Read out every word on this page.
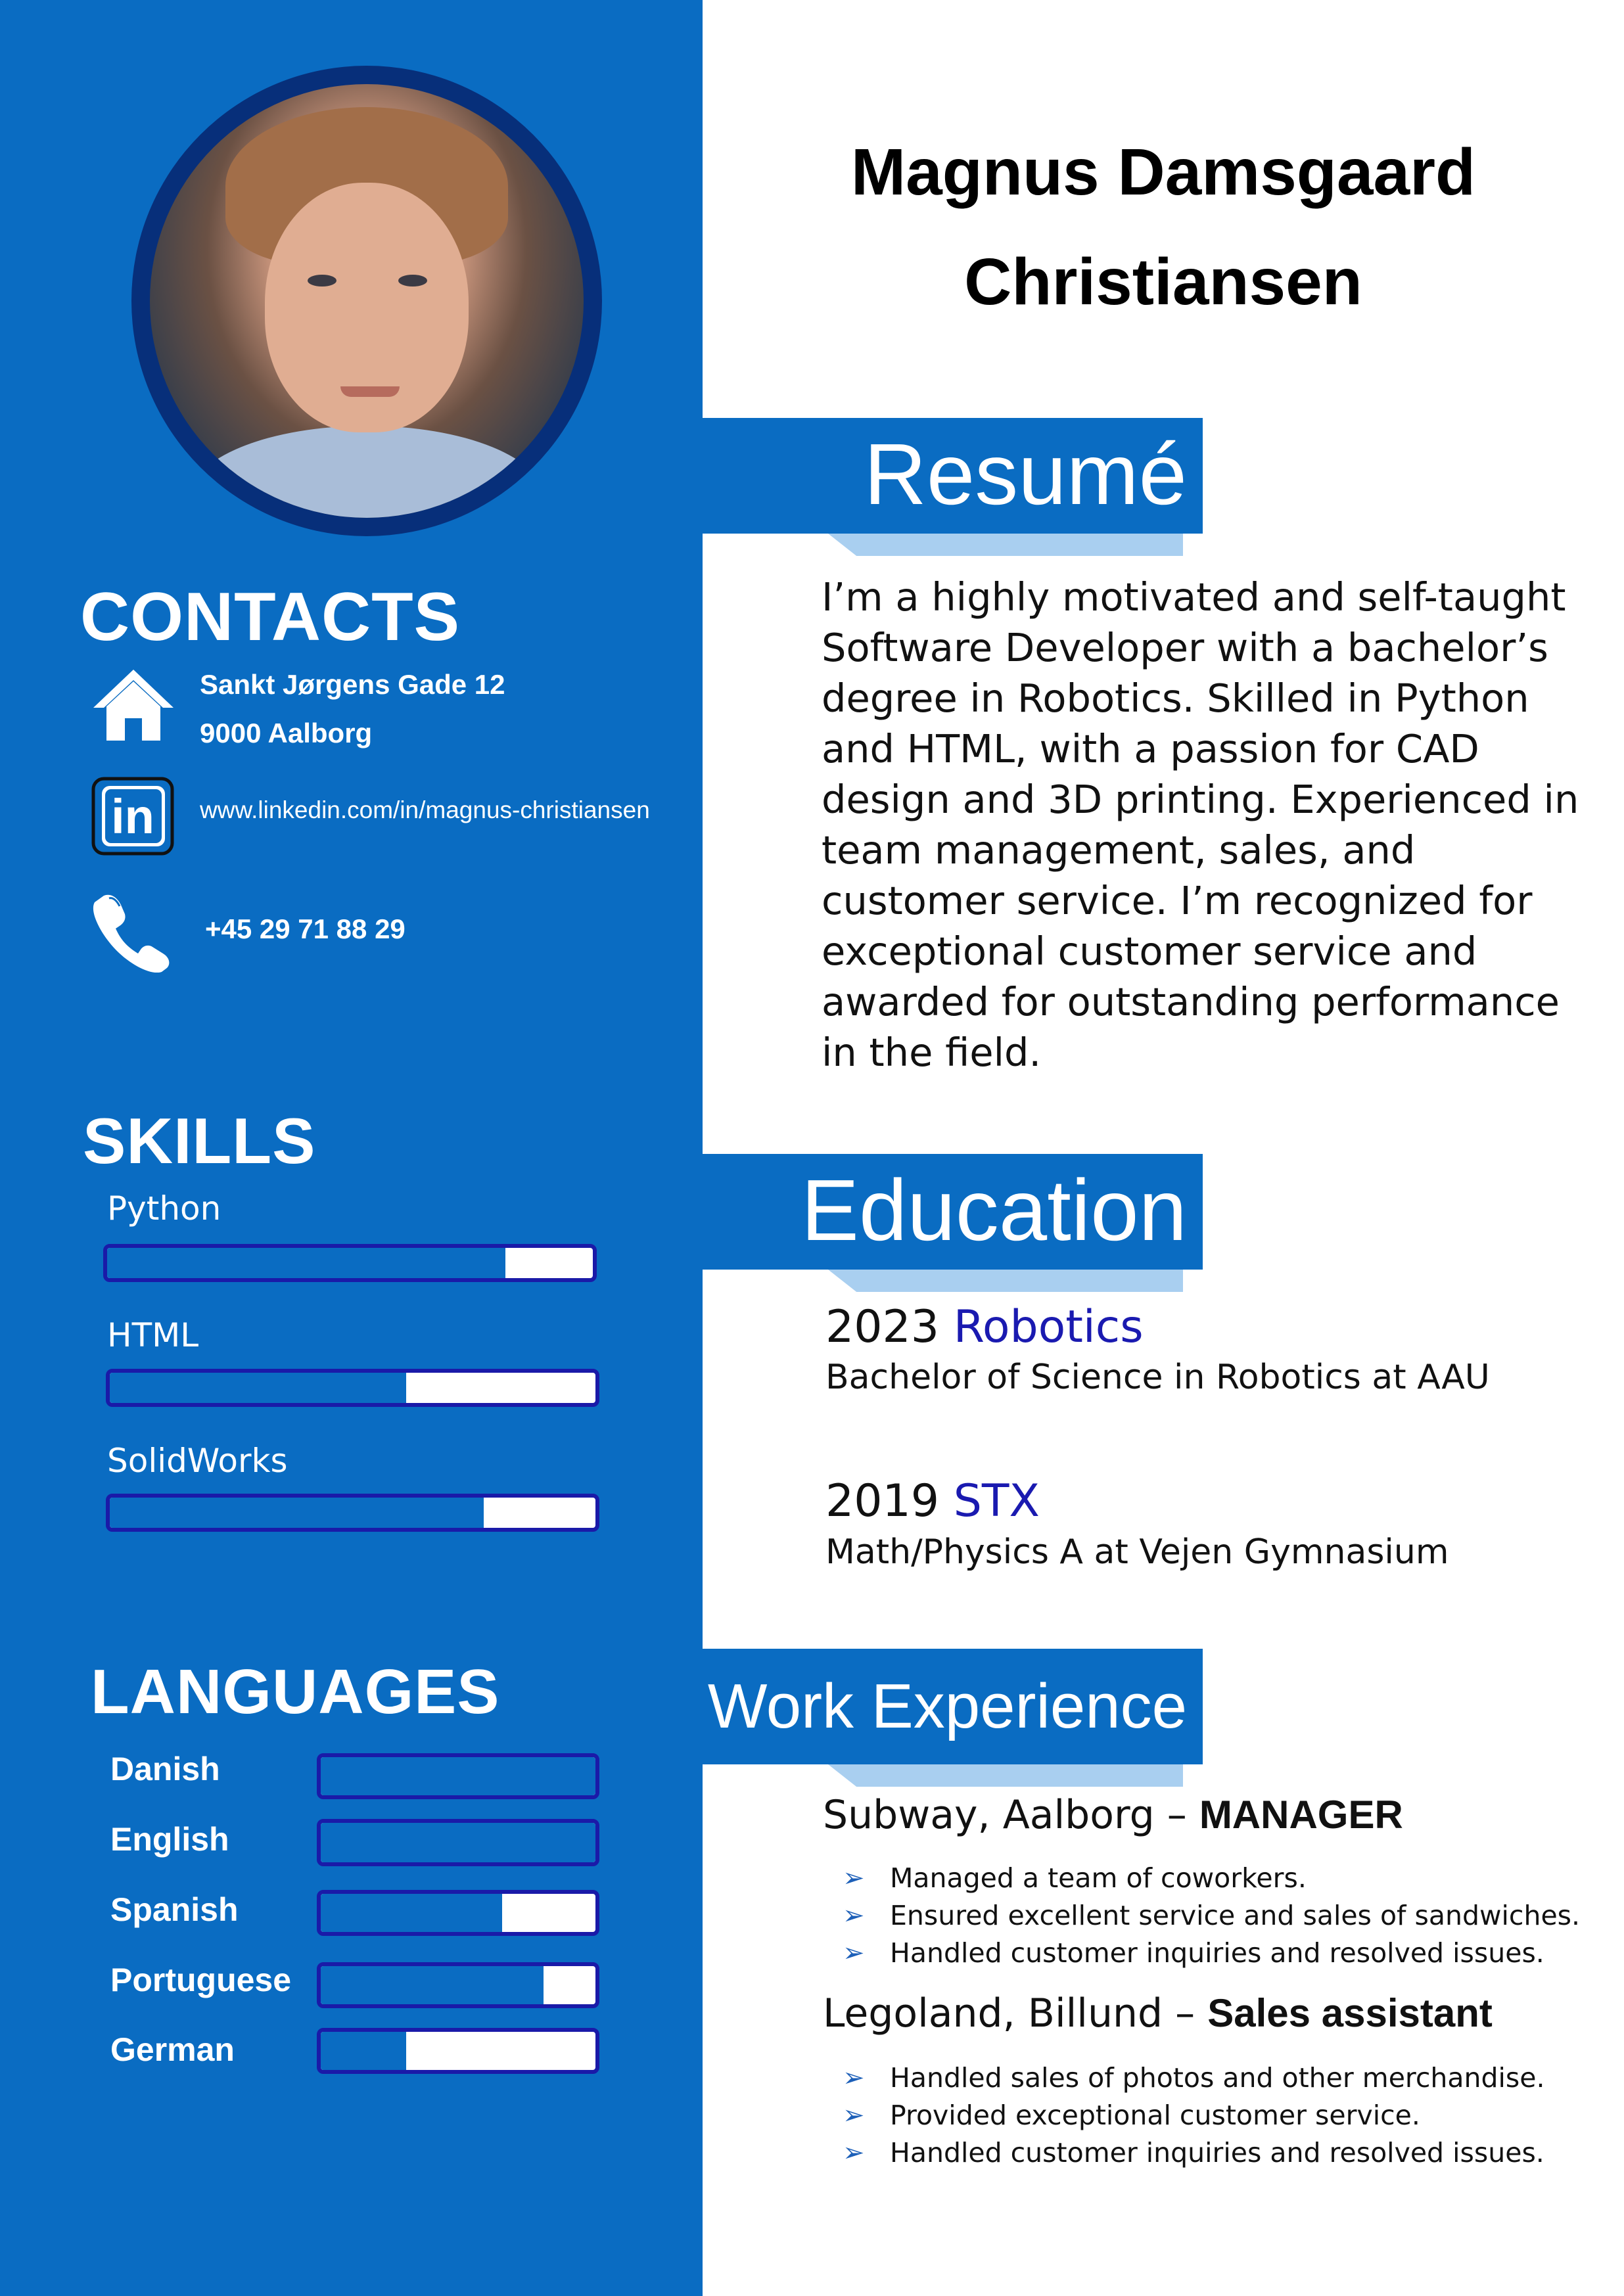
CONTACTS
Sankt Jørgens Gade 12
9000 Aalborg
in www.linkedin.com/in/magnus-christiansen
+45 29 71 88 29
SKILLS
Python
HTML
SolidWorks
LANGUAGES
Danish
English
Spanish
Portuguese
German
Magnus Damsgaard
Christiansen
Resumé
I’m a highly motivated and self-taught
Software Developer with a bachelor’s
degree in Robotics. Skilled in Python
and HTML, with a passion for CAD
design and 3D printing. Experienced in
team management, sales, and
customer service. I’m recognized for
exceptional customer service and
awarded for outstanding performance
in the field.
Education
2023 Robotics
Bachelor of Science in Robotics at AAU
2019 STX
Math/Physics A at Vejen Gymnasium
Work Experience
Subway, Aalborg – MANAGER
➢ Managed a team of coworkers.
➢ Ensured excellent service and sales of sandwiches.
➢ Handled customer inquiries and resolved issues.
Legoland, Billund – Sales assistant
➢ Handled sales of photos and other merchandise.
➢ Provided exceptional customer service.
➢ Handled customer inquiries and resolved issues.
